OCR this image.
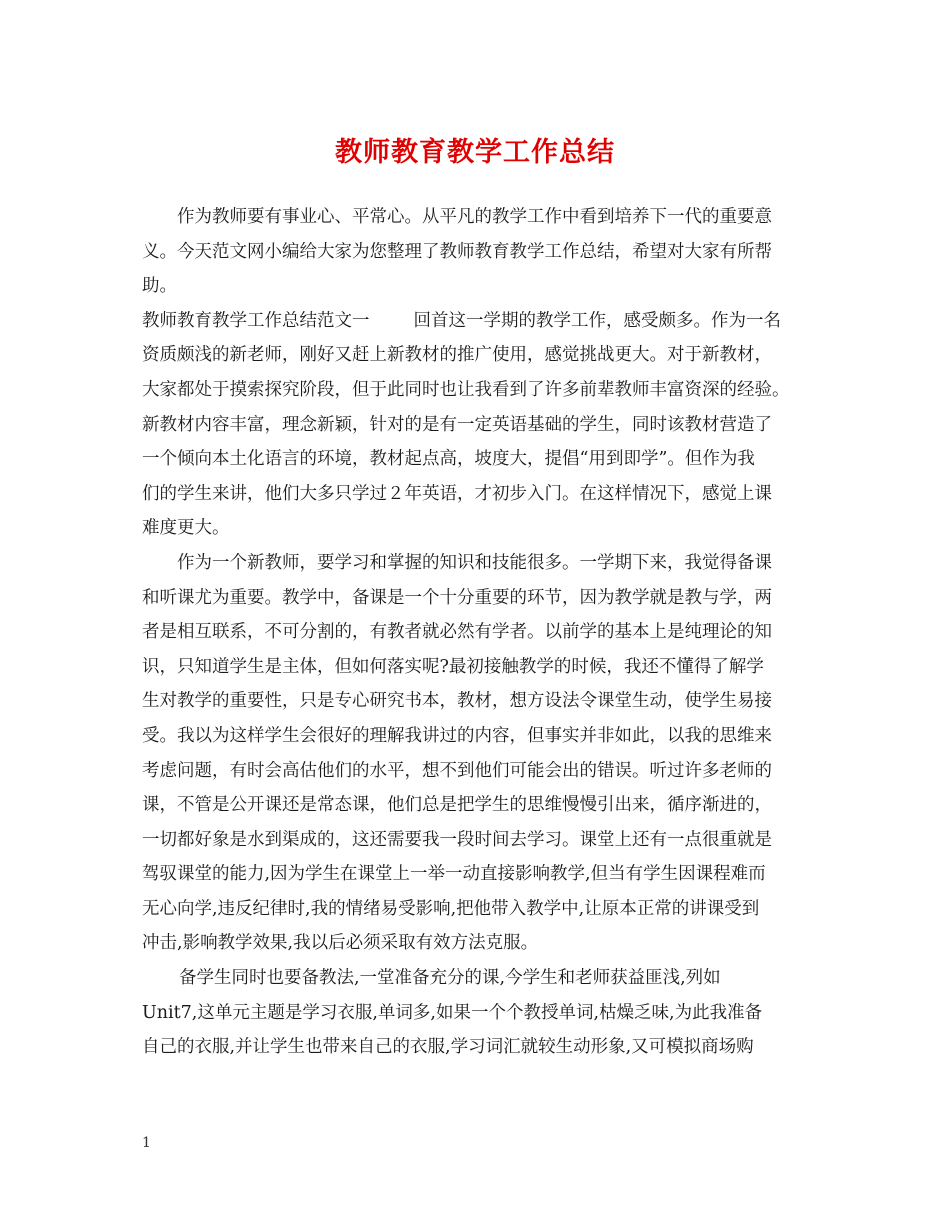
教师教育教学工作总结
作为教师要有事业心、平常心。从平凡的教学工作中看到培养下一代的重要意
义。今天范文网小编给大家为您整理了教师教育教学工作总结，希望对大家有所帮
助。
教师教育教学工作总结范文一	回首这一学期的教学工作，感受颇多。作为一名
资质颇浅的新老师，刚好又赶上新教材的推广使用，感觉挑战更大。对于新教材，
大家都处于摸索探究阶段，但于此同时也让我看到了许多前辈教师丰富资深的经验。
新教材内容丰富，理念新颖，针对的是有一定英语基础的学生，同时该教材营造了
一个倾向本土化语言的环境，教材起点高，坡度大，提倡“用到即学”。但作为我
们的学生来讲，他们大多只学过２年英语，才初步入门。在这样情况下，感觉上课
难度更大。
作为一个新教师，要学习和掌握的知识和技能很多。一学期下来，我觉得备课
和听课尤为重要。教学中，备课是一个十分重要的环节，因为教学就是教与学，两
者是相互联系，不可分割的，有教者就必然有学者。以前学的基本上是纯理论的知
识，只知道学生是主体，但如何落实呢?最初接触教学的时候，我还不懂得了解学
生对教学的重要性，只是专心研究书本，教材，想方设法令课堂生动，使学生易接
受。我以为这样学生会很好的理解我讲过的内容，但事实并非如此，以我的思维来
考虑问题，有时会高估他们的水平，想不到他们可能会出的错误。听过许多老师的
课，不管是公开课还是常态课，他们总是把学生的思维慢慢引出来，循序渐进的，
一切都好象是水到渠成的，这还需要我一段时间去学习。课堂上还有一点很重就是
驾驭课堂的能力,因为学生在课堂上一举一动直接影响教学,但当有学生因课程难而
无心向学,违反纪律时,我的情绪易受影响,把他带入教学中,让原本正常的讲课受到
冲击,影响教学效果,我以后必须采取有效方法克服。
备学生同时也要备教法,一堂准备充分的课,今学生和老师获益匪浅,列如
Unit7,这单元主题是学习衣服,单词多,如果一个个教授单词,枯燥乏味,为此我准备
自己的衣服,并让学生也带来自己的衣服,学习词汇就较生动形象,又可模拟商场购
1
